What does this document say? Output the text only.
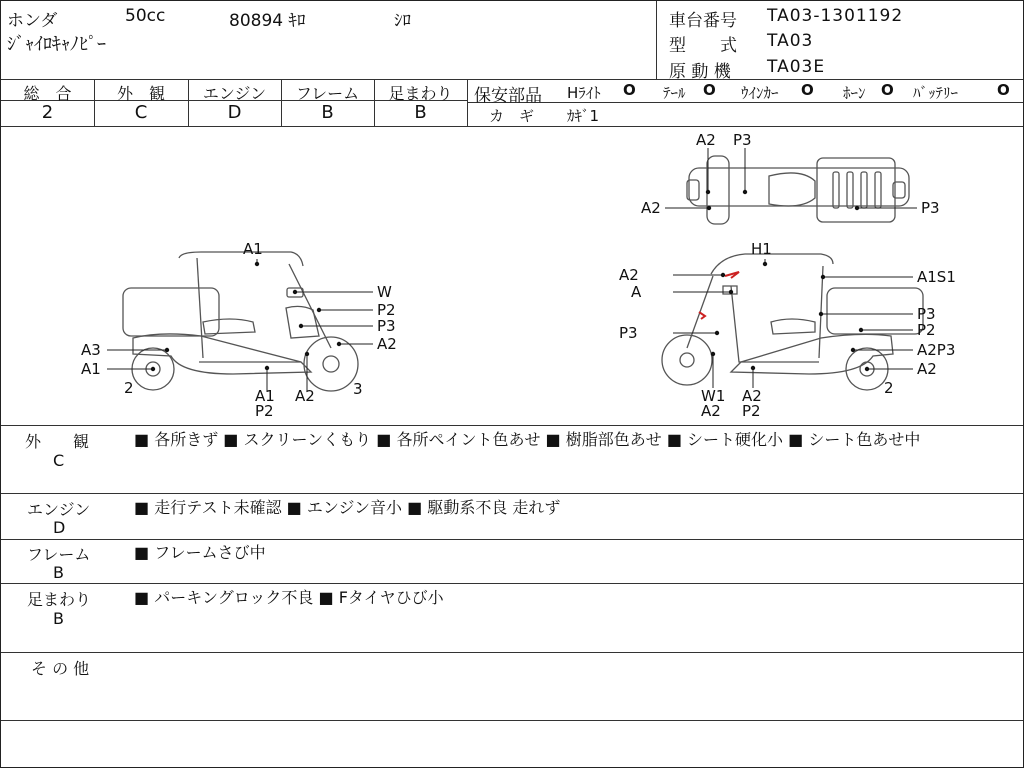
ホンダ	50cc	80894 ｷﾛ	ｼﾛ
ｼﾞｬｲﾛｷｬﾉﾋﾟｰ
車台番号 TA03-1301192
型　　式 TA03
原 動 機 TA03E
総　合	外　観	エンジン	フレーム	足まわり
2	C	D	B	B
保安部品 Hﾗｲﾄ O ﾃｰﾙ O ｳｲﾝｶｰ O ﾎｰﾝ O ﾊﾞｯﾃﾘｰ	O
カ　ギ ｶｷﾞ1
A2 P3
A2	P3
A1
W
P2
P3
A2
A3
A1
2	3
A1
P2
A2
H1
A2
A
P3
A1S1
P3
P2
A2P3
A2
2
W1
A2
A2
P2
外　　観
C
■ 各所きず ■ スクリーンくもり ■ 各所ペイント色あせ ■ 樹脂部色あせ ■ シート硬化小 ■ シート色あせ中
エンジン
D
■ 走行テスト未確認 ■ エンジン音小 ■ 駆動系不良 走れず
フレーム
B
■ フレームさび中
足まわり
B
■ パーキングロック不良 ■ Fタイヤひび小
そ の 他
